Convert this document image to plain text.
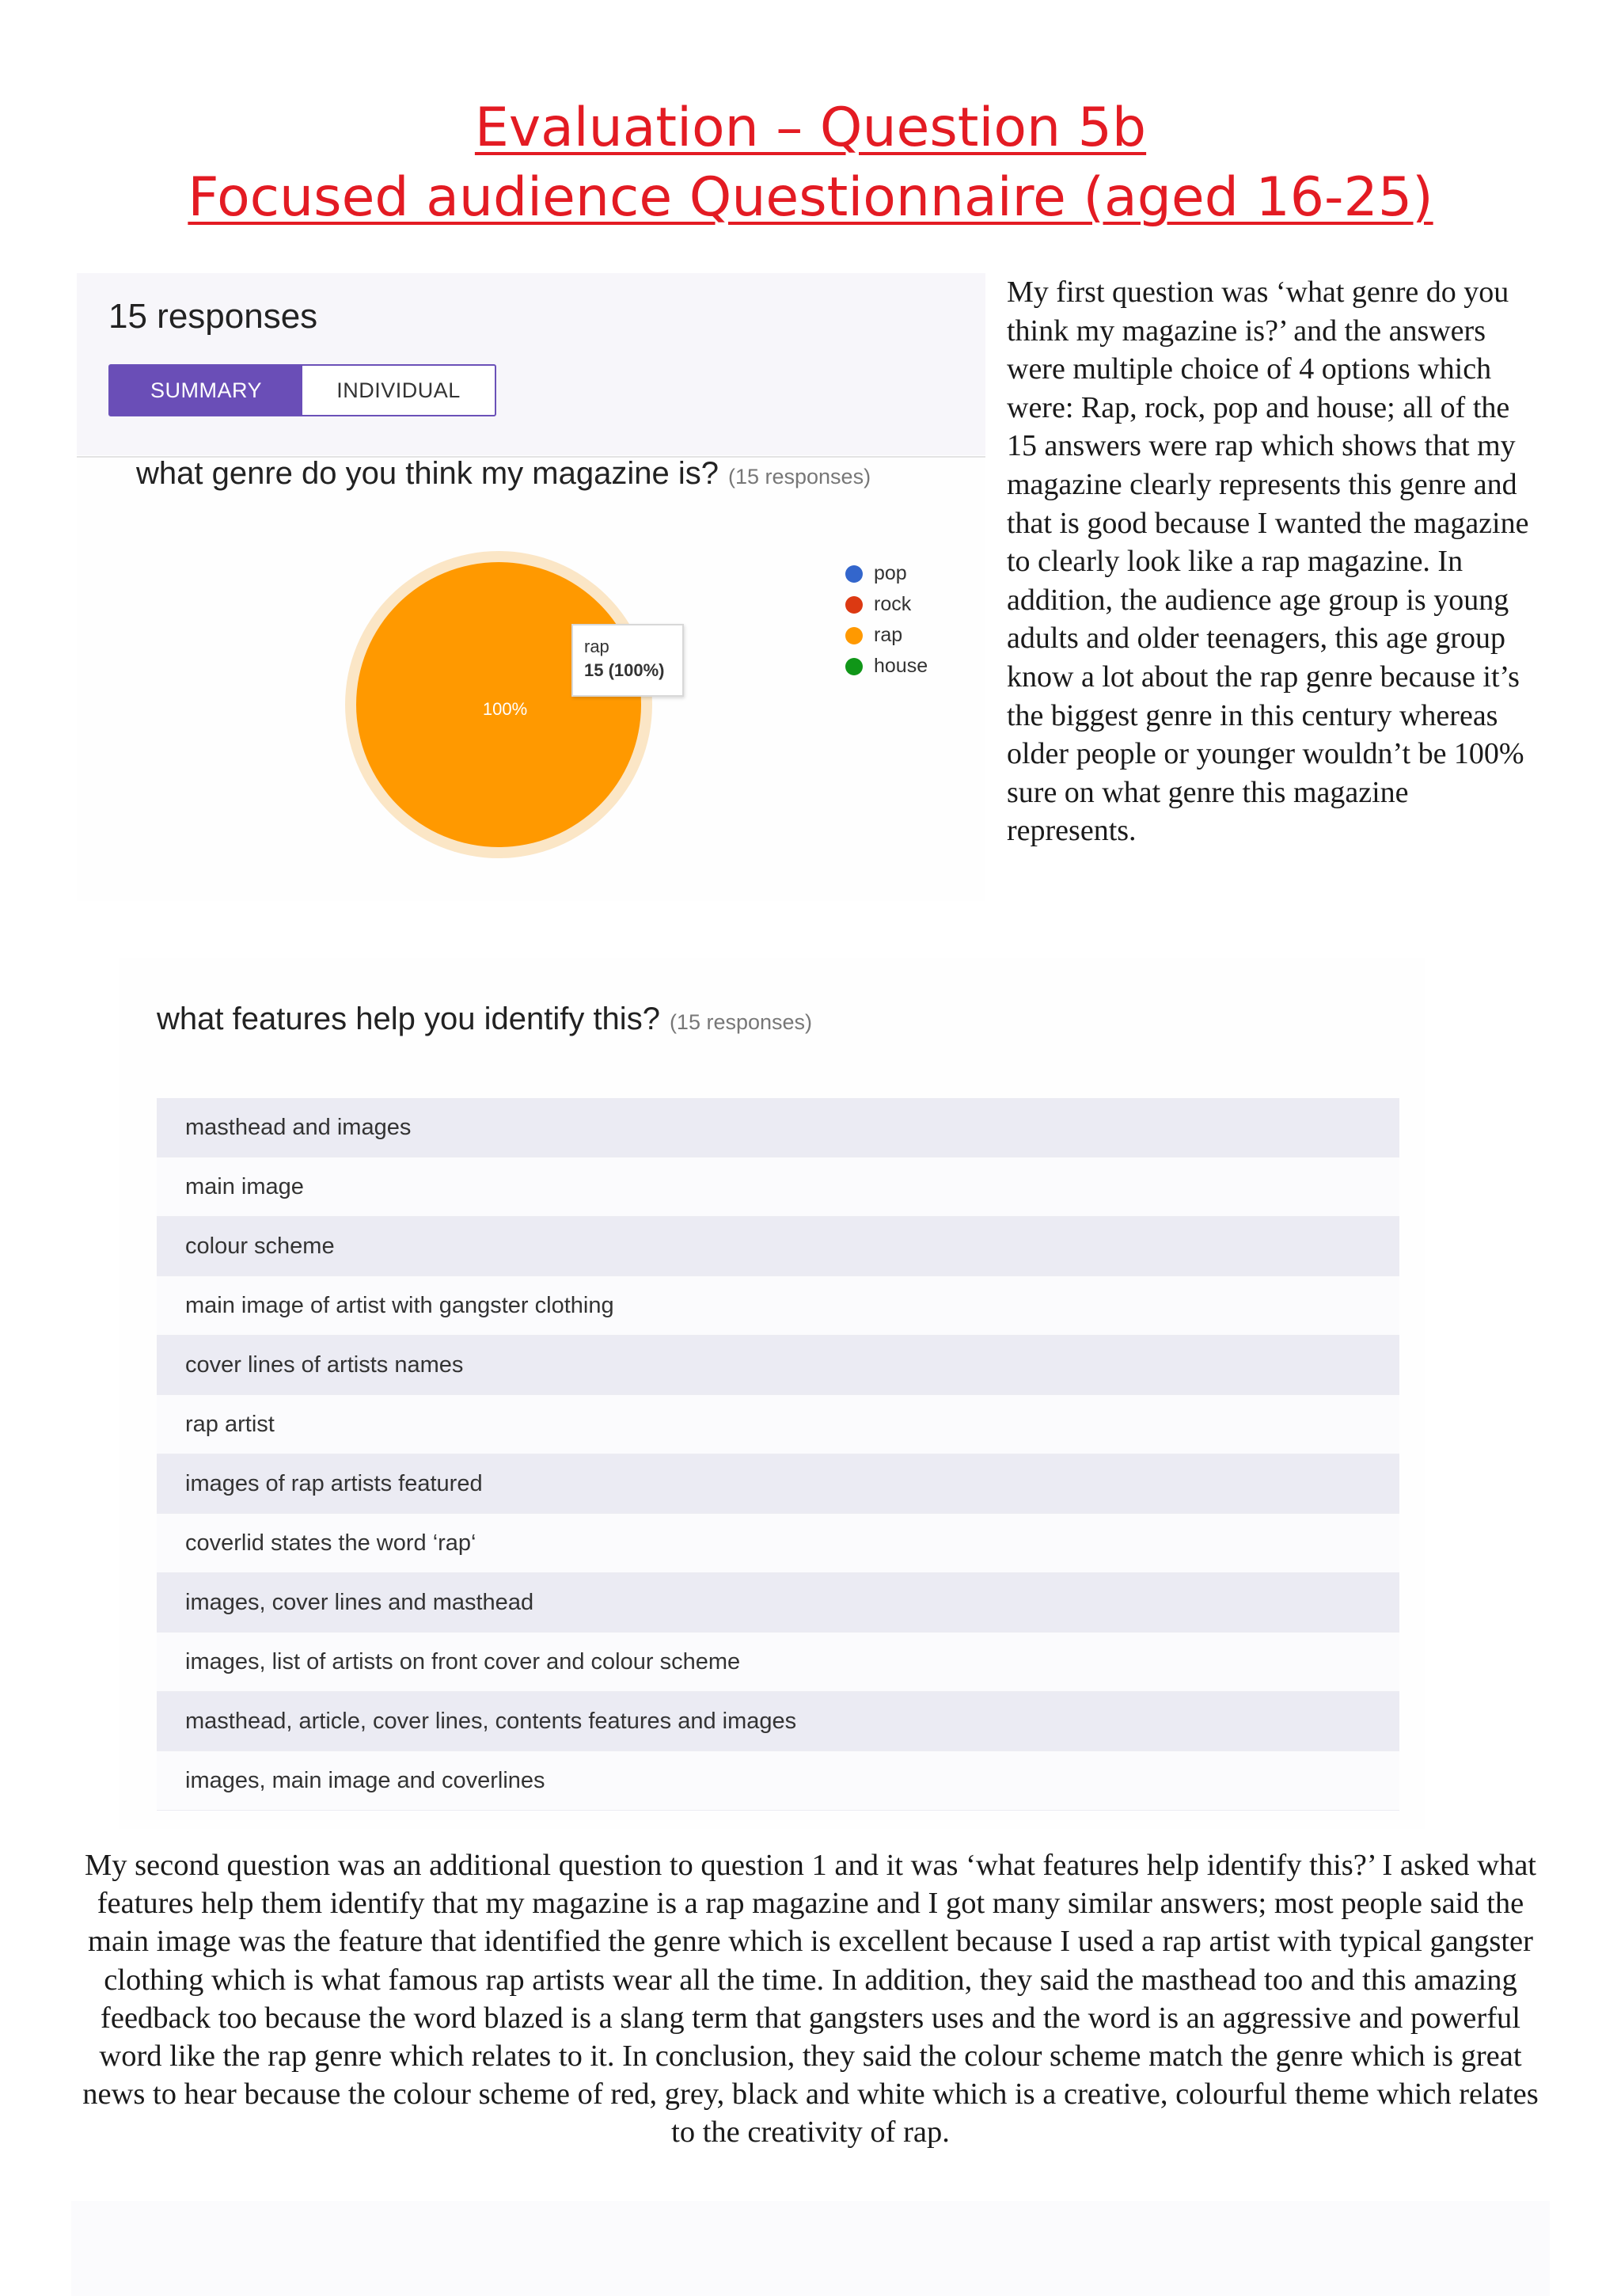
Evaluation – Question 5b
Focused audience Questionnaire (aged 16-25)
15 responses
SUMMARY	INDIVIDUAL
what genre do you think my magazine is? (15 responses)
100%
rap
15 (100%)
pop
rock
rap
house
My first question was ‘what genre do you think my magazine is?’ and the answers were multiple choice of 4 options which were: Rap, rock, pop and house; all of the 15 answers were rap which shows that my magazine clearly represents this genre and that is good because I wanted the magazine to clearly look like a rap magazine. In addition, the audience age group is young adults and older teenagers, this age group know a lot about the rap genre because it’s the biggest genre in this century whereas older people or younger wouldn’t be 100% sure on what genre this magazine represents.
what features help you identify this? (15 responses)
masthead and images
main image
colour scheme
main image of artist with gangster clothing
cover lines of artists names
rap artist
images of rap artists featured
coverlid states the word ‘rap‘
images, cover lines and masthead
images, list of artists on front cover and colour scheme
masthead, article, cover lines, contents features and images
images, main image and coverlines
My second question was an additional question to question 1 and it was ‘what features help identify this?’ I asked what features help them identify that my magazine is a rap magazine and I got many similar answers; most people said the main image was the feature that identified the genre which is excellent because I used a rap artist with typical gangster clothing which is what famous rap artists wear all the time. In addition, they said the masthead too and this amazing feedback too because the word blazed is a slang term that gangsters uses and the word is an aggressive and powerful word like the rap genre which relates to it. In conclusion, they said the colour scheme match the genre which is great news to hear because the colour scheme of red, grey, black and white which is a creative, colourful theme which relates to the creativity of rap.
